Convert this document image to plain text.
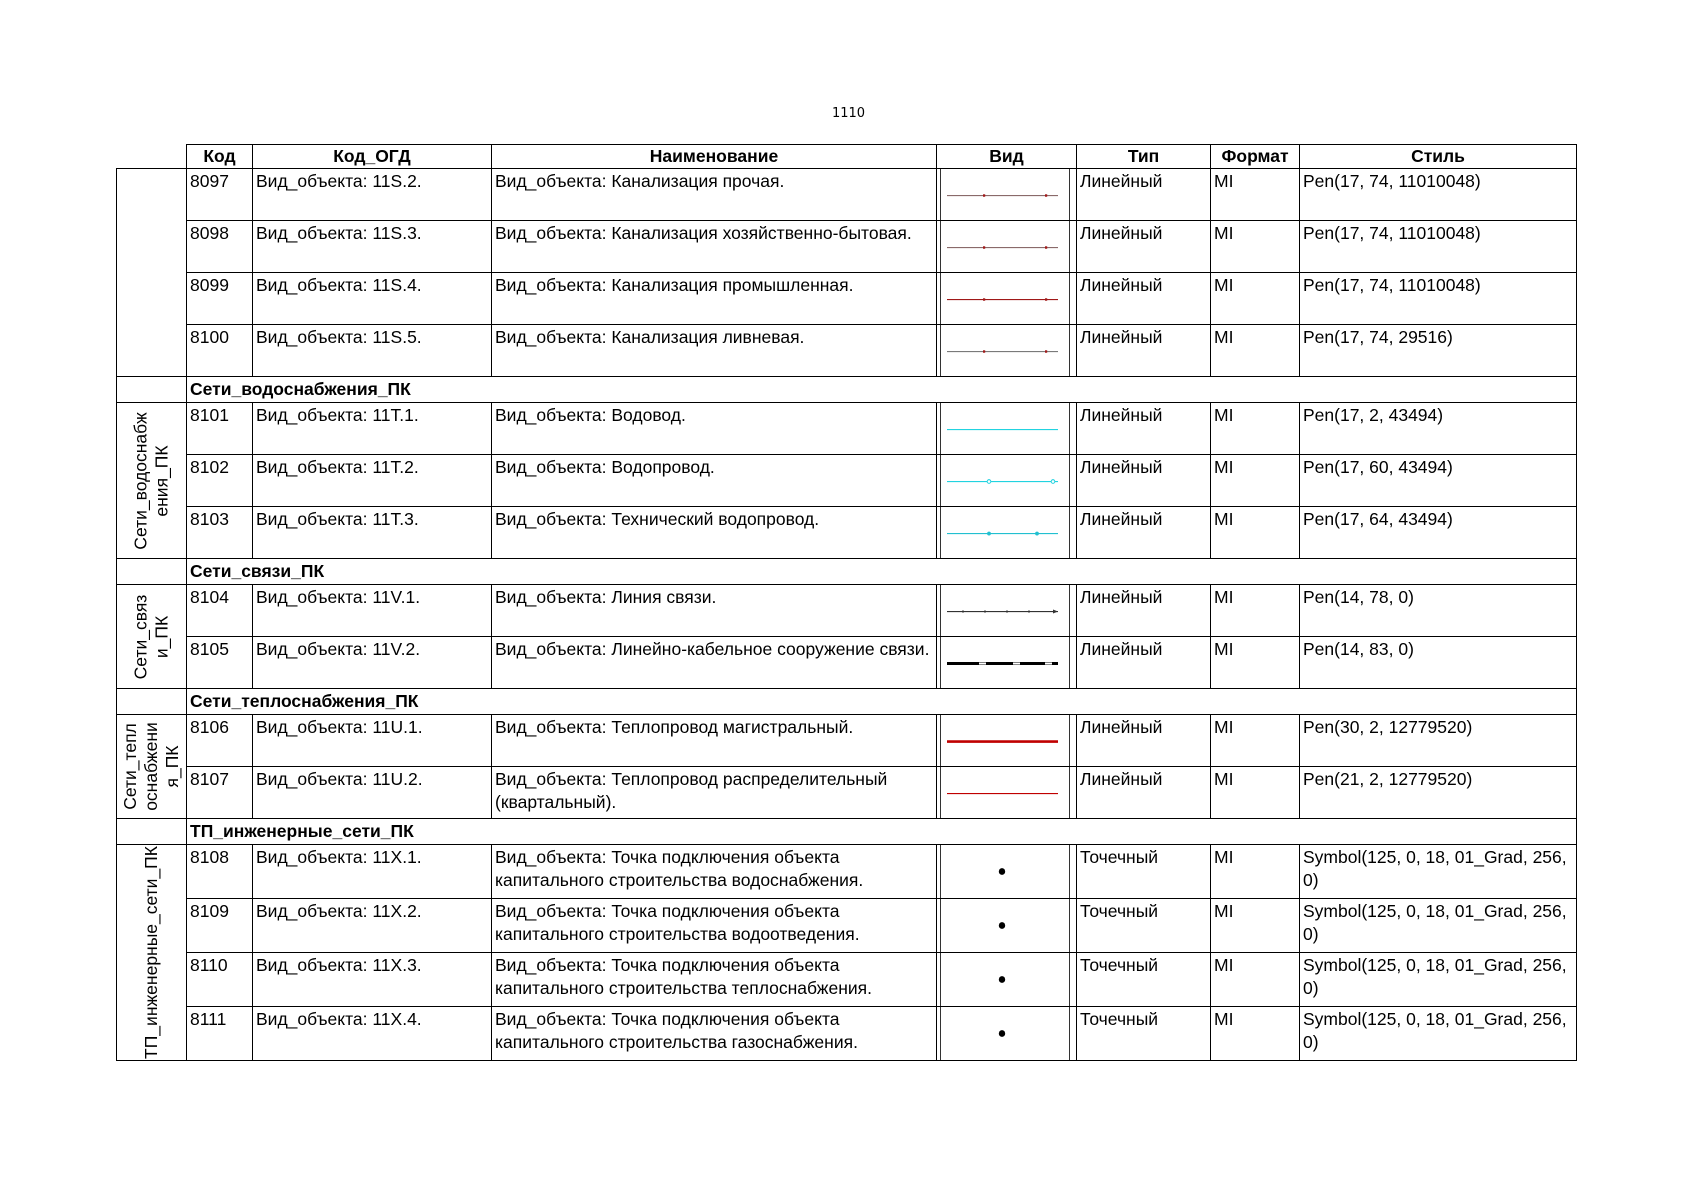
1110
	Код	Код_ОГД	Наименование	Вид	Тип	Формат	Стиль
	8097	Вид_объекта: 11S.2.	Вид_объекта: Канализация прочая.		Линейный	MI	Pen(17, 74, 11010048)
	8098	Вид_объекта: 11S.3.	Вид_объекта: Канализация хозяйственно-бытовая.		Линейный	MI	Pen(17, 74, 11010048)
	8099	Вид_объекта: 11S.4.	Вид_объекта: Канализация промышленная.		Линейный	MI	Pen(17, 74, 11010048)
	8100	Вид_объекта: 11S.5.	Вид_объекта: Канализация ливневая.		Линейный	MI	Pen(17, 74, 29516)
	Сети_водоснабжения_ПК						

Сети_водоснабж ения_ПК	8101	Вид_объекта: 11T.1.	Вид_объекта: Водовод.		Линейный	MI	Pen(17, 2, 43494)
	8102	Вид_объекта: 11T.2.	Вид_объекта: Водопровод.		Линейный	MI	Pen(17, 60, 43494)
	8103	Вид_объекта: 11T.3.	Вид_объекта: Технический водопровод.		Линейный	MI	Pen(17, 64, 43494)
	Сети_связи_ПК						

Сети_связ и_ПК	8104	Вид_объекта: 11V.1.	Вид_объекта: Линия связи.		Линейный	MI	Pen(14, 78, 0)
	8105	Вид_объекта: 11V.2.	Вид_объекта: Линейно-кабельное сооружение связи.		Линейный	MI	Pen(14, 83, 0)
	Сети_теплоснабжения_ПК						

Сети_тепл оснабжени я_ПК	8106	Вид_объекта: 11U.1.	Вид_объекта: Теплопровод магистральный.		Линейный	MI	Pen(30, 2, 12779520)
	8107	Вид_объекта: 11U.2.	Вид_объекта: Теплопровод распределительный (квартальный).		Линейный	MI	Pen(21, 2, 12779520)
	ТП_инженерные_сети_ПК						

ТП_инженерные_сети_ПК	8108	Вид_объекта: 11X.1.	Вид_объекта: Точка подключения объекта капитального строительства водоснабжения.		Точечный	MI	Symbol(125, 0, 18, 01_Grad, 256, 0)
	8109	Вид_объекта: 11X.2.	Вид_объекта: Точка подключения объекта капитального строительства водоотведения.		Точечный	MI	Symbol(125, 0, 18, 01_Grad, 256, 0)
	8110	Вид_объекта: 11X.3.	Вид_объекта: Точка подключения объекта капитального строительства теплоснабжения.		Точечный	MI	Symbol(125, 0, 18, 01_Grad, 256, 0)
	8111	Вид_объекта: 11X.4.	Вид_объекта: Точка подключения объекта капитального строительства газоснабжения.		Точечный	MI	Symbol(125, 0, 18, 01_Grad, 256, 0)
